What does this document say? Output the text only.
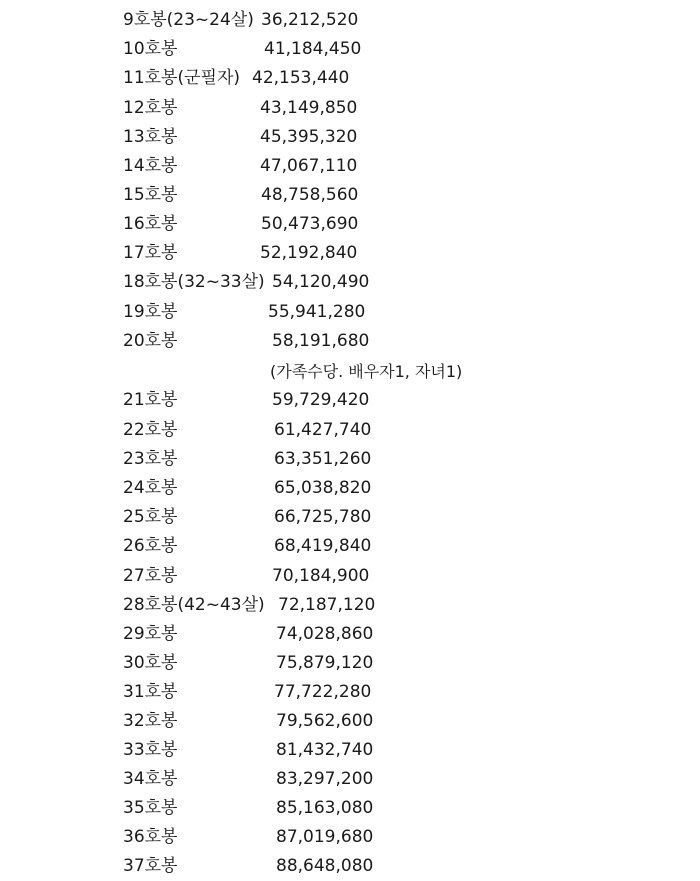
9호봉(23~24살) 36,212,520
10호봉	41,184,450
11호봉(군필자) 42,153,440
12호봉	43,149,850
13호봉	45,395,320
14호봉	47,067,110
15호봉	48,758,560
16호봉	50,473,690
17호봉	52,192,840
18호봉(32~33살) 54,120,490
19호봉	55,941,280
20호봉	58,191,680
(가족수당. 배우자1, 자녀1)
21호봉	59,729,420
22호봉	61,427,740
23호봉	63,351,260
24호봉	65,038,820
25호봉	66,725,780
26호봉	68,419,840
27호봉	70,184,900
28호봉(42~43살) 72,187,120
29호봉	74,028,860
30호봉	75,879,120
31호봉	77,722,280
32호봉	79,562,600
33호봉	81,432,740
34호봉	83,297,200
35호봉	85,163,080
36호봉	87,019,680
37호봉	88,648,080
